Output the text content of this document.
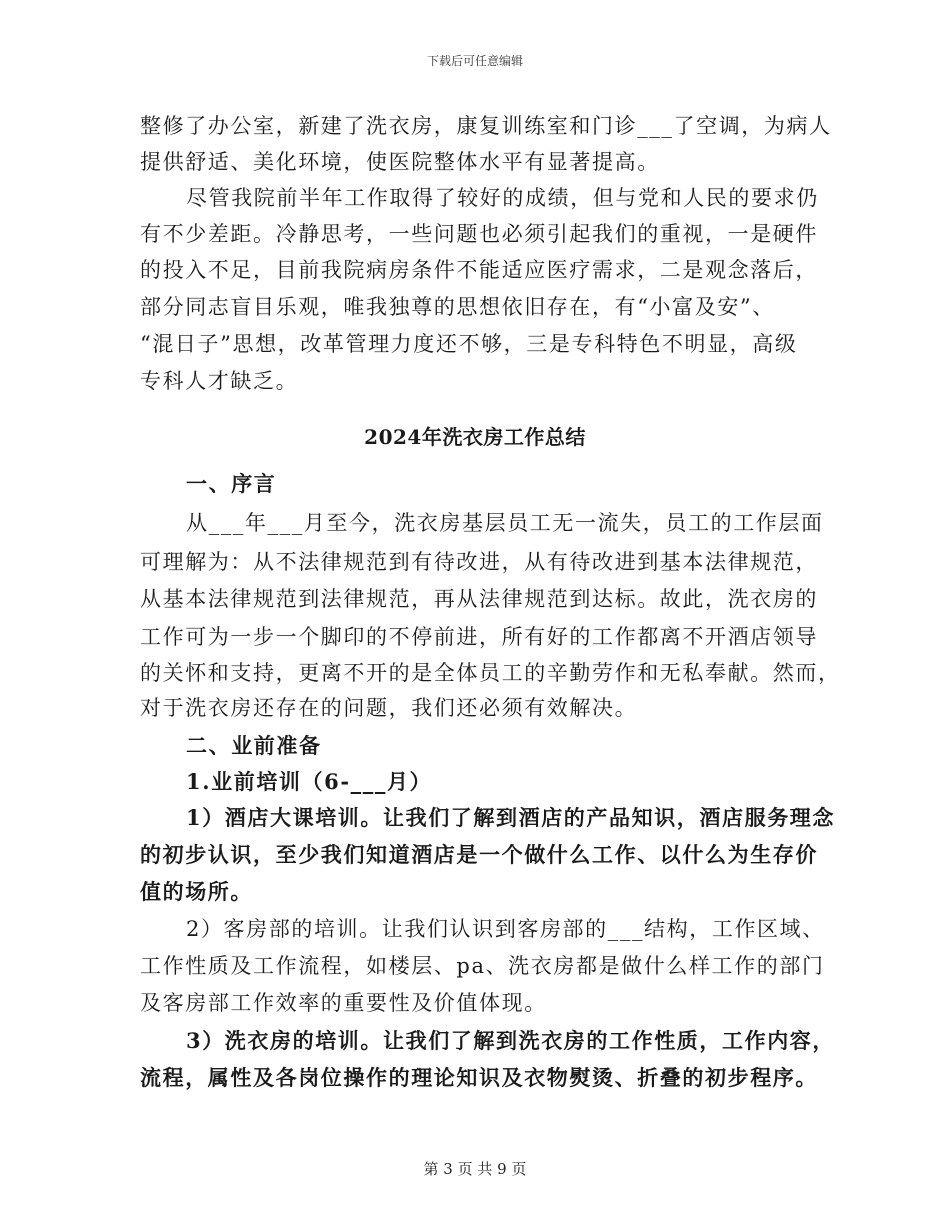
下载后可任意编辑
整修了办公室，新建了洗衣房，康复训练室和门诊___了空调，为病人
提供舒适、美化环境，使医院整体水平有显著提高。
尽管我院前半年工作取得了较好的成绩，但与党和人民的要求仍
有不少差距。冷静思考，一些问题也必须引起我们的重视，一是硬件
的投入不足，目前我院病房条件不能适应医疗需求，二是观念落后，
部分同志盲目乐观，唯我独尊的思想依旧存在，有“小富及安”、
“混日子”思想，改革管理力度还不够，三是专科特色不明显，高级
专科人才缺乏。
2024年洗衣房工作总结
一、序言
从___年___月至今，洗衣房基层员工无一流失，员工的工作层面
可理解为：从不法律规范到有待改进，从有待改进到基本法律规范，
从基本法律规范到法律规范，再从法律规范到达标。故此，洗衣房的
工作可为一步一个脚印的不停前进，所有好的工作都离不开酒店领导
的关怀和支持，更离不开的是全体员工的辛勤劳作和无私奉献。然而，
对于洗衣房还存在的问题，我们还必须有效解决。
二、业前准备
1.业前培训（6-___月）
1）酒店大课培训。让我们了解到酒店的产品知识，酒店服务理念
的初步认识，至少我们知道酒店是一个做什么工作、以什么为生存价
值的场所。
2）客房部的培训。让我们认识到客房部的___结构，工作区域、
工作性质及工作流程，如楼层、pa、洗衣房都是做什么样工作的部门
及客房部工作效率的重要性及价值体现。
3）洗衣房的培训。让我们了解到洗衣房的工作性质，工作内容，
流程，属性及各岗位操作的理论知识及衣物熨烫、折叠的初步程序。
第 3 页 共 9 页
